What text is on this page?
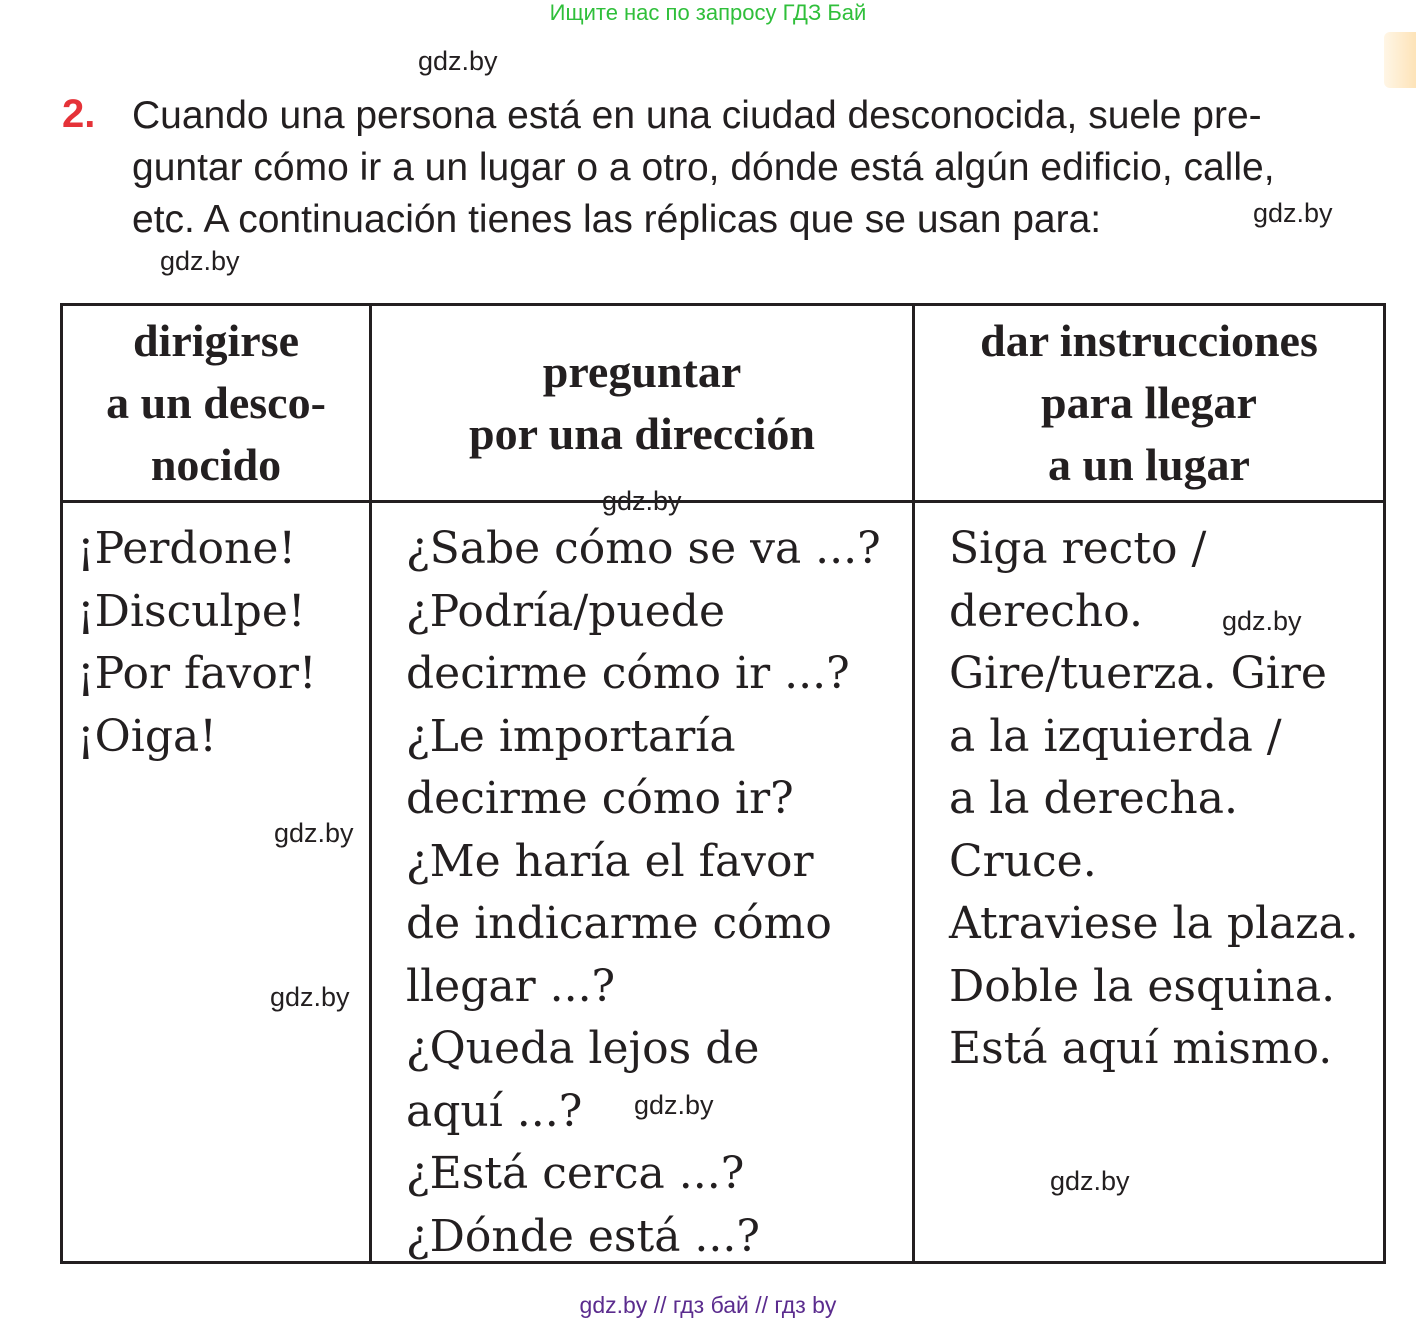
Ищите нас по запросу ГДЗ Бай
gdz.by
2. Cuando una persona está en una ciudad desconocida, suele pre-
guntar cómo ir a un lugar o a otro, dónde está algún edificio, calle,
etc. A continuación tienes las réplicas que se usan para:	gdz.by
gdz.by
dirigirse
a un desco-
nocido
preguntar
por una dirección
dar instrucciones
para llegar
a un lugar
¡Perdone!
¡Disculpe!
¡Por favor!
¡Oiga!
¿Sabe cómo se va ...?
¿Podría/puede
decirme cómo ir ...?
¿Le importaría
decirme cómo ir?
¿Me haría el favor
de indicarme cómo
llegar ...?
¿Queda lejos de
aquí ...?
¿Está cerca ...?
¿Dónde está ...?
Siga recto /
derecho.
Gire/tuerza. Gire
a la izquierda /
a la derecha.
Cruce.
Atraviese la plaza.
Doble la esquina.
Está aquí mismo.
gdz.by
gdz.by
gdz.by
gdz.by
gdz.by
gdz.by
gdz.by // гдз бай // гдз by
